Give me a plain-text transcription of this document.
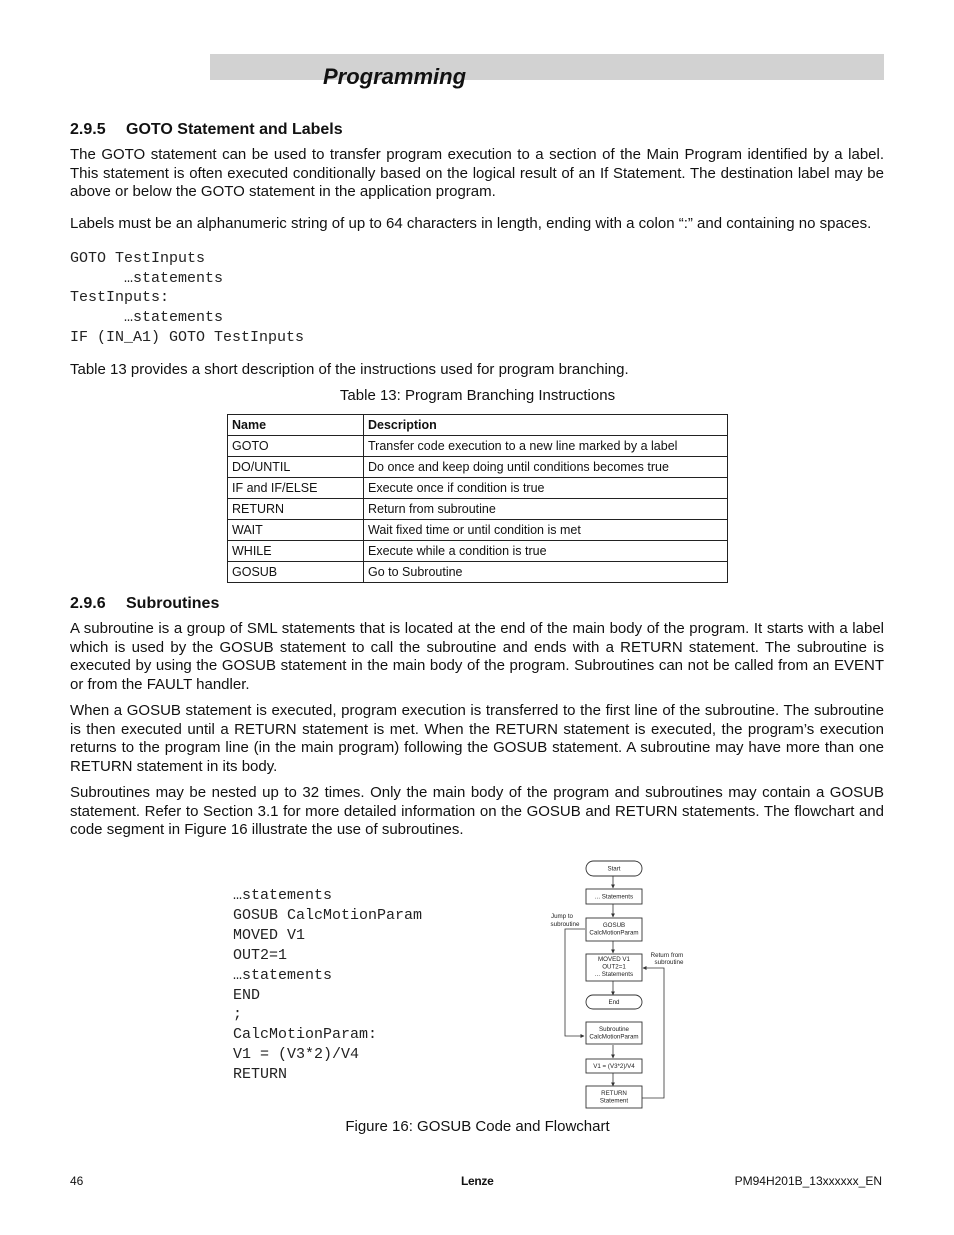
Programming
2.9.5 GOTO Statement and Labels
The GOTO statement can be used to transfer program execution to a section of the Main Program identified by a label. This statement is often executed conditionally based on the logical result of an If Statement. The destination label may be above or below the GOTO statement in the application program.
Labels must be an alphanumeric string of up to 64 characters in length, ending with a colon “:” and containing no spaces.
GOTO TestInputs
…statements
TestInputs:
…statements
IF (IN_A1) GOTO TestInputs
Table 13 provides a short description of the instructions used for program branching.
Table 13: Program Branching Instructions
Name	Description
GOTO	Transfer code execution to a new line marked by a label
DO/UNTIL	Do once and keep doing until conditions becomes true
IF and IF/ELSE	Execute once if condition is true
RETURN	Return from subroutine
WAIT	Wait fixed time or until condition is met
WHILE	Execute while a condition is true
GOSUB	Go to Subroutine
2.9.6 Subroutines
A subroutine is a group of SML statements that is located at the end of the main body of the program. It starts with a label which is used by the GOSUB statement to call the subroutine and ends with a RETURN statement. The subroutine is executed by using the GOSUB statement in the main body of the program. Subroutines can not be called from an EVENT or from the FAULT handler.
When a GOSUB statement is executed, program execution is transferred to the first line of the subroutine. The subroutine is then executed until a RETURN statement is met. When the RETURN statement is executed, the program’s execution returns to the program line (in the main program) following the GOSUB statement. A subroutine may have more than one RETURN statement in its body.
Subroutines may be nested up to 32 times. Only the main body of the program and subroutines may contain a GOSUB statement. Refer to Section 3.1 for more detailed information on the GOSUB and RETURN statements. The flowchart and code segment in Figure 16 illustrate the use of subroutines.
…statements
GOSUB CalcMotionParam
MOVED V1
OUT2=1
…statements
END
;
CalcMotionParam:
V1 = (V3*2)/V4
RETURN
Start
... Statements
GOSUB
CalcMotionParam
MOVED V1
OUT2=1
... Statements
End
Subroutine
CalcMotionParam
V1 = (V3*2)/V4
RETURN
Statement
Jump to
subroutine
Return from
subroutine
Figure 16: GOSUB Code and Flowchart
46	Lenze	PM94H201B_13xxxxxx_EN
